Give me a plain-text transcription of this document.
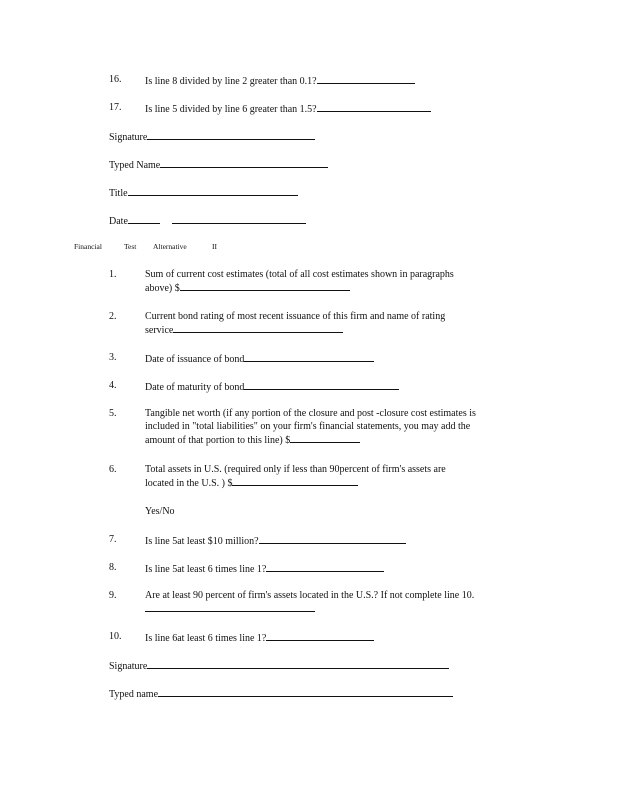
16. Is line 8 divided by line 2 greater than 0.1?
17. Is line 5 divided by line 6 greater than 1.5?
Signature
Typed Name
Title
Date
Financial	Test Alternative	II
1.	Sum of current cost estimates (total of all cost estimates shown in paragraphs
above) $
2.	Current bond rating of most recent issuance of this firm and name of rating
service
3.	Date of issuance of bond
4.	Date of maturity of bond
5.	Tangible net worth (if any portion of the closure and post -closure cost estimates is
included in "total liabilities" on your firm's financial statements, you may add the
amount of that portion to this line) $
6.	Total assets in U.S. (required only if less than 90percent of firm's assets are
located in the U.S. ) $
Yes/No
7.	Is line 5at least $10 million?
8.	Is line 5at least 6 times line 1?
9.	Are at least 90 percent of firm's assets located in the U.S.? If not complete line 10.
10. Is line 6at least 6 times line 1?
Signature
Typed name
